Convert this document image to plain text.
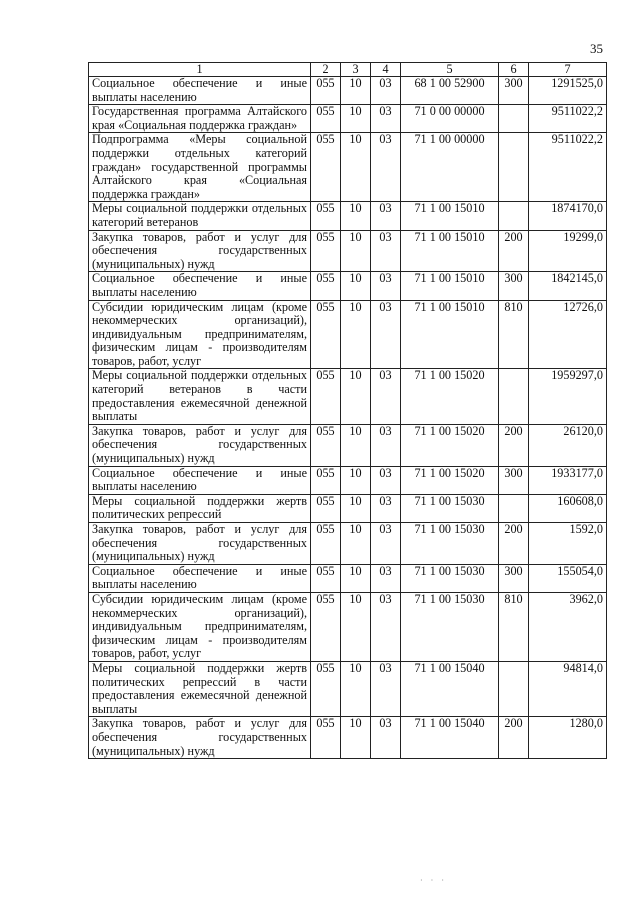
35
1	2	3	4	5	6	7
Социальное обеспечение и иные выплаты населению	055	10	03	68 1 00 52900	300	1291525,0
Государственная программа Алтайского края «Социальная поддержка граждан»	055	10	03	71 0 00 00000		9511022,2
Подпрограмма «Меры социальной поддержки отдельных категорий граждан» государственной программы Алтайского края «Социальная поддержка граждан»	055	10	03	71 1 00 00000		9511022,2
Меры социальной поддержки отдельных категорий ветеранов	055	10	03	71 1 00 15010		1874170,0
Закупка товаров, работ и услуг для обеспечения государственных (муниципальных) нужд	055	10	03	71 1 00 15010	200	19299,0
Социальное обеспечение и иные выплаты населению	055	10	03	71 1 00 15010	300	1842145,0
Субсидии юридическим лицам (кроме некоммерческих организаций), индивидуальным предпринимателям, физическим лицам - производителям товаров, работ, услуг	055	10	03	71 1 00 15010	810	12726,0
Меры социальной поддержки отдельных категорий ветеранов в части предоставления ежемесячной денежной выплаты	055	10	03	71 1 00 15020		1959297,0
Закупка товаров, работ и услуг для обеспечения государственных (муниципальных) нужд	055	10	03	71 1 00 15020	200	26120,0
Социальное обеспечение и иные выплаты населению	055	10	03	71 1 00 15020	300	1933177,0
Меры социальной поддержки жертв политических репрессий	055	10	03	71 1 00 15030		160608,0
Закупка товаров, работ и услуг для обеспечения государственных (муниципальных) нужд	055	10	03	71 1 00 15030	200	1592,0
Социальное обеспечение и иные выплаты населению	055	10	03	71 1 00 15030	300	155054,0
Субсидии юридическим лицам (кроме некоммерческих организаций), индивидуальным предпринимателям, физическим лицам - производителям товаров, работ, услуг	055	10	03	71 1 00 15030	810	3962,0
Меры социальной поддержки жертв политических репрессий в части предоставления ежемесячной денежной выплаты	055	10	03	71 1 00 15040		94814,0
Закупка товаров, работ и услуг для обеспечения государственных (муниципальных) нужд	055	10	03	71 1 00 15040	200	1280,0
· · ·
